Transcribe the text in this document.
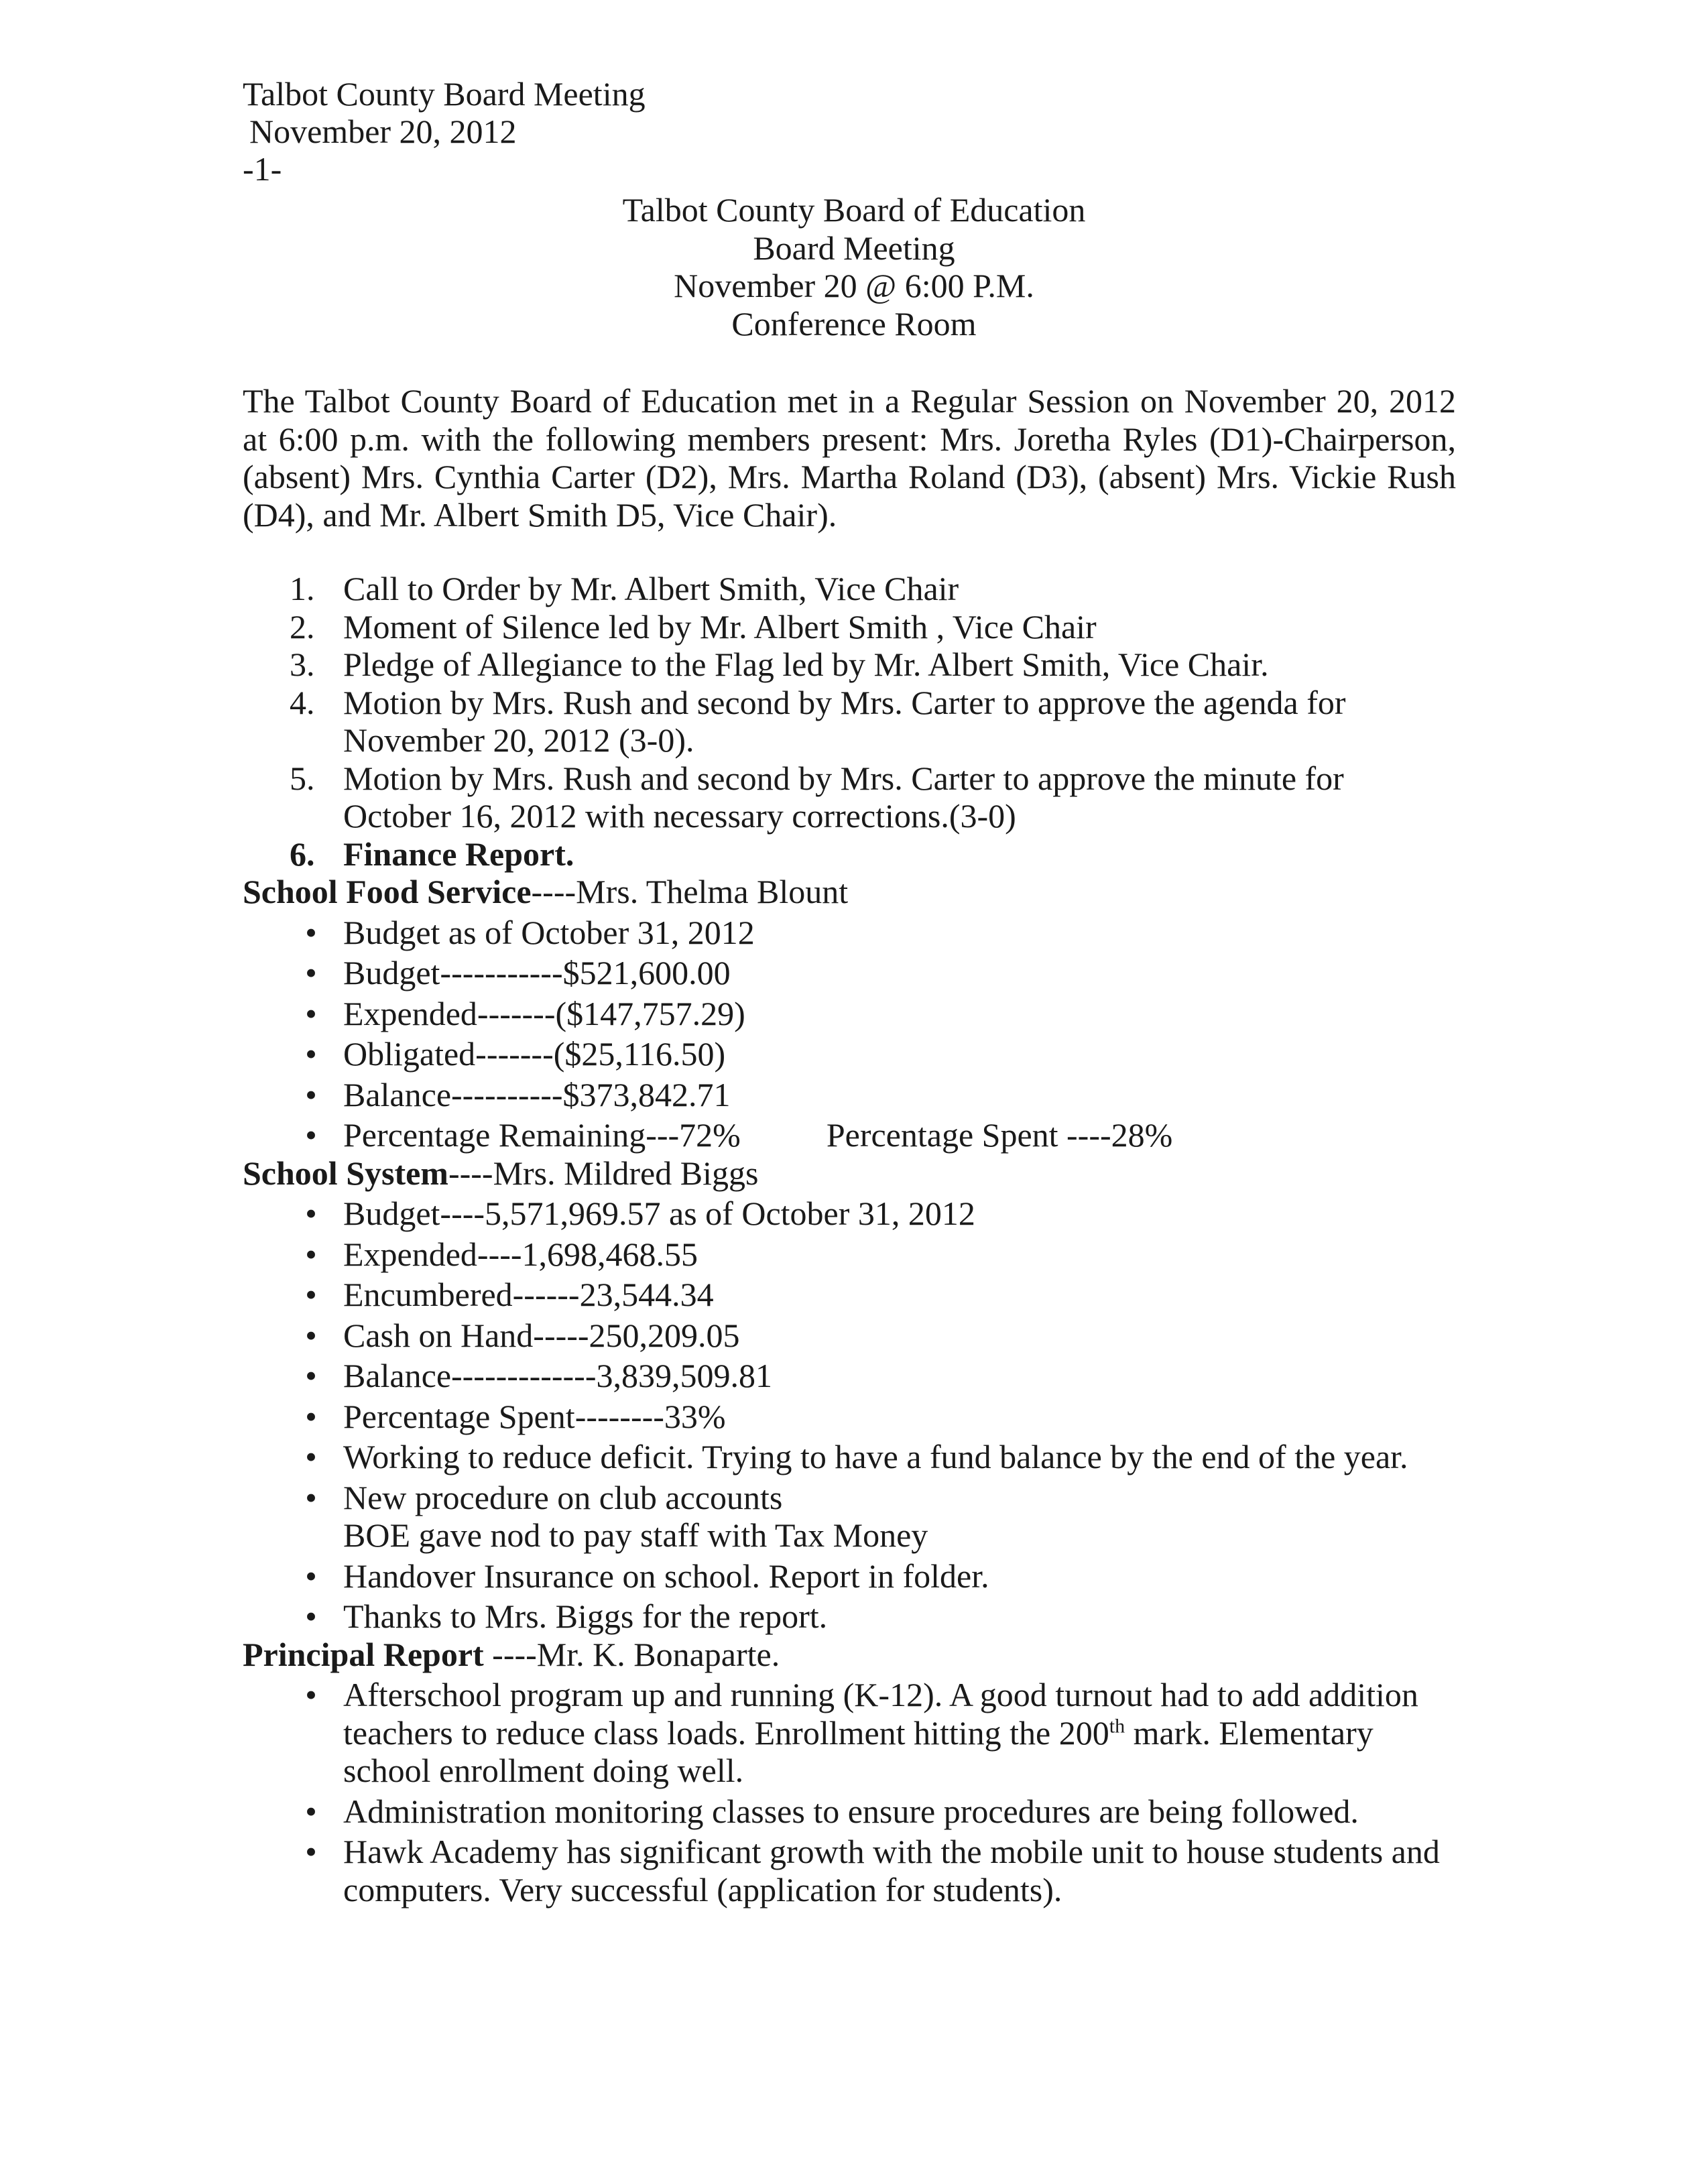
Talbot County Board Meeting
November 20, 2012
-1-
Talbot County Board of Education
Board Meeting
November 20 @ 6:00 P.M.
Conference Room
The Talbot County Board of Education met in a Regular Session on November 20, 2012
at 6:00 p.m. with the following members present: Mrs. Joretha Ryles (D1)-Chairperson,
(absent) Mrs. Cynthia Carter (D2), Mrs. Martha Roland (D3), (absent) Mrs. Vickie Rush
(D4), and Mr. Albert Smith D5, Vice Chair).
1. Call to Order by Mr. Albert Smith, Vice Chair
2. Moment of Silence led by Mr. Albert Smith , Vice Chair
3. Pledge of Allegiance to the Flag led by Mr. Albert Smith, Vice Chair.
4. Motion by Mrs. Rush and second by Mrs. Carter to approve the agenda for
November 20, 2012 (3-0).
5. Motion by Mrs. Rush and second by Mrs. Carter to approve the minute for
October 16, 2012 with necessary corrections.(3-0)
6. Finance Report.
School Food Service----Mrs. Thelma Blount
• Budget as of October 31, 2012
• Budget-----------$521,600.00
• Expended-------($147,757.29)
• Obligated-------($25,116.50)
• Balance----------$373,842.71
• Percentage Remaining---72%	Percentage Spent ----28%
School System----Mrs. Mildred Biggs
• Budget----5,571,969.57 as of October 31, 2012
• Expended----1,698,468.55
• Encumbered------23,544.34
• Cash on Hand-----250,209.05
• Balance-------------3,839,509.81
• Percentage Spent--------33%
• Working to reduce deficit. Trying to have a fund balance by the end of the year.
• New procedure on club accounts
BOE gave nod to pay staff with Tax Money
• Handover Insurance on school. Report in folder.
• Thanks to Mrs. Biggs for the report.
Principal Report ----Mr. K. Bonaparte.
• Afterschool program up and running (K-12). A good turnout had to add addition
teachers to reduce class loads. Enrollment hitting the 200th mark. Elementary
school enrollment doing well.
• Administration monitoring classes to ensure procedures are being followed.
• Hawk Academy has significant growth with the mobile unit to house students and
computers. Very successful (application for students).
